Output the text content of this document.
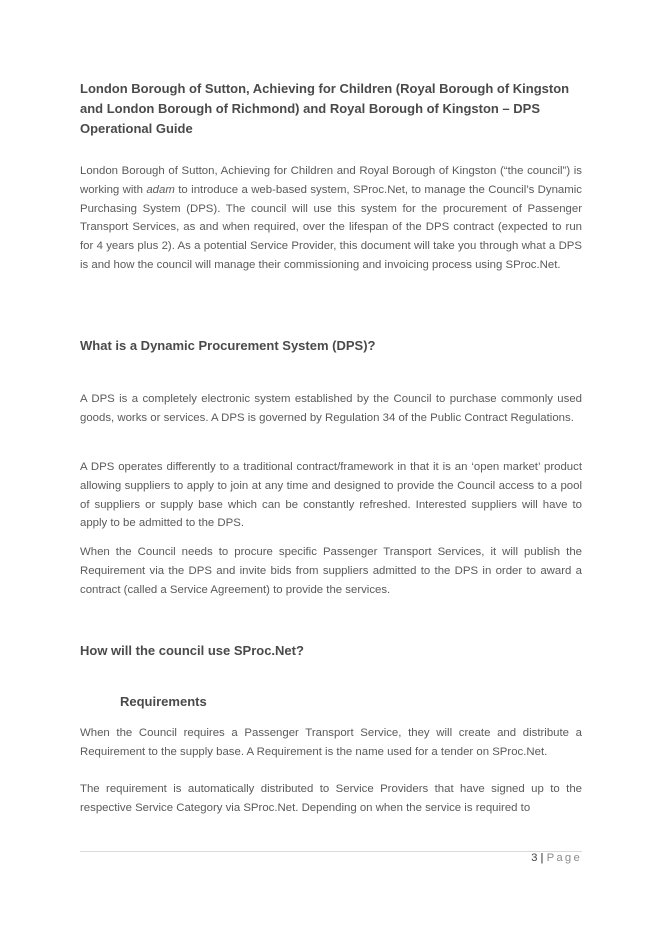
London Borough of Sutton, Achieving for Children (Royal Borough of Kingston and London Borough of Richmond) and Royal Borough of Kingston – DPS Operational Guide

London Borough of Sutton, Achieving for Children and Royal Borough of Kingston (“the council”) is working with adam to introduce a web-based system, SProc.Net, to manage the Council’s Dynamic Purchasing System (DPS). The council will use this system for the procurement of Passenger Transport Services, as and when required, over the lifespan of the DPS contract (expected to run for 4 years plus 2). As a potential Service Provider, this document will take you through what a DPS is and how the council will manage their commissioning and invoicing process using SProc.Net.

What is a Dynamic Procurement System (DPS)?

A DPS is a completely electronic system established by the Council to purchase commonly used goods, works or services. A DPS is governed by Regulation 34 of the Public Contract Regulations.

A DPS operates differently to a traditional contract/framework in that it is an ‘open market’ product allowing suppliers to apply to join at any time and designed to provide the Council access to a pool of suppliers or supply base which can be constantly refreshed. Interested suppliers will have to apply to be admitted to the DPS.

When the Council needs to procure specific Passenger Transport Services, it will publish the Requirement via the DPS and invite bids from suppliers admitted to the DPS in order to award a contract (called a Service Agreement) to provide the services.

How will the council use SProc.Net?
Requirements

When the Council requires a Passenger Transport Service, they will create and distribute a Requirement to the supply base. A Requirement is the name used for a tender on SProc.Net.

The requirement is automatically distributed to Service Providers that have signed up to the respective Service Category via SProc.Net. Depending on when the service is required to

3 | Page
